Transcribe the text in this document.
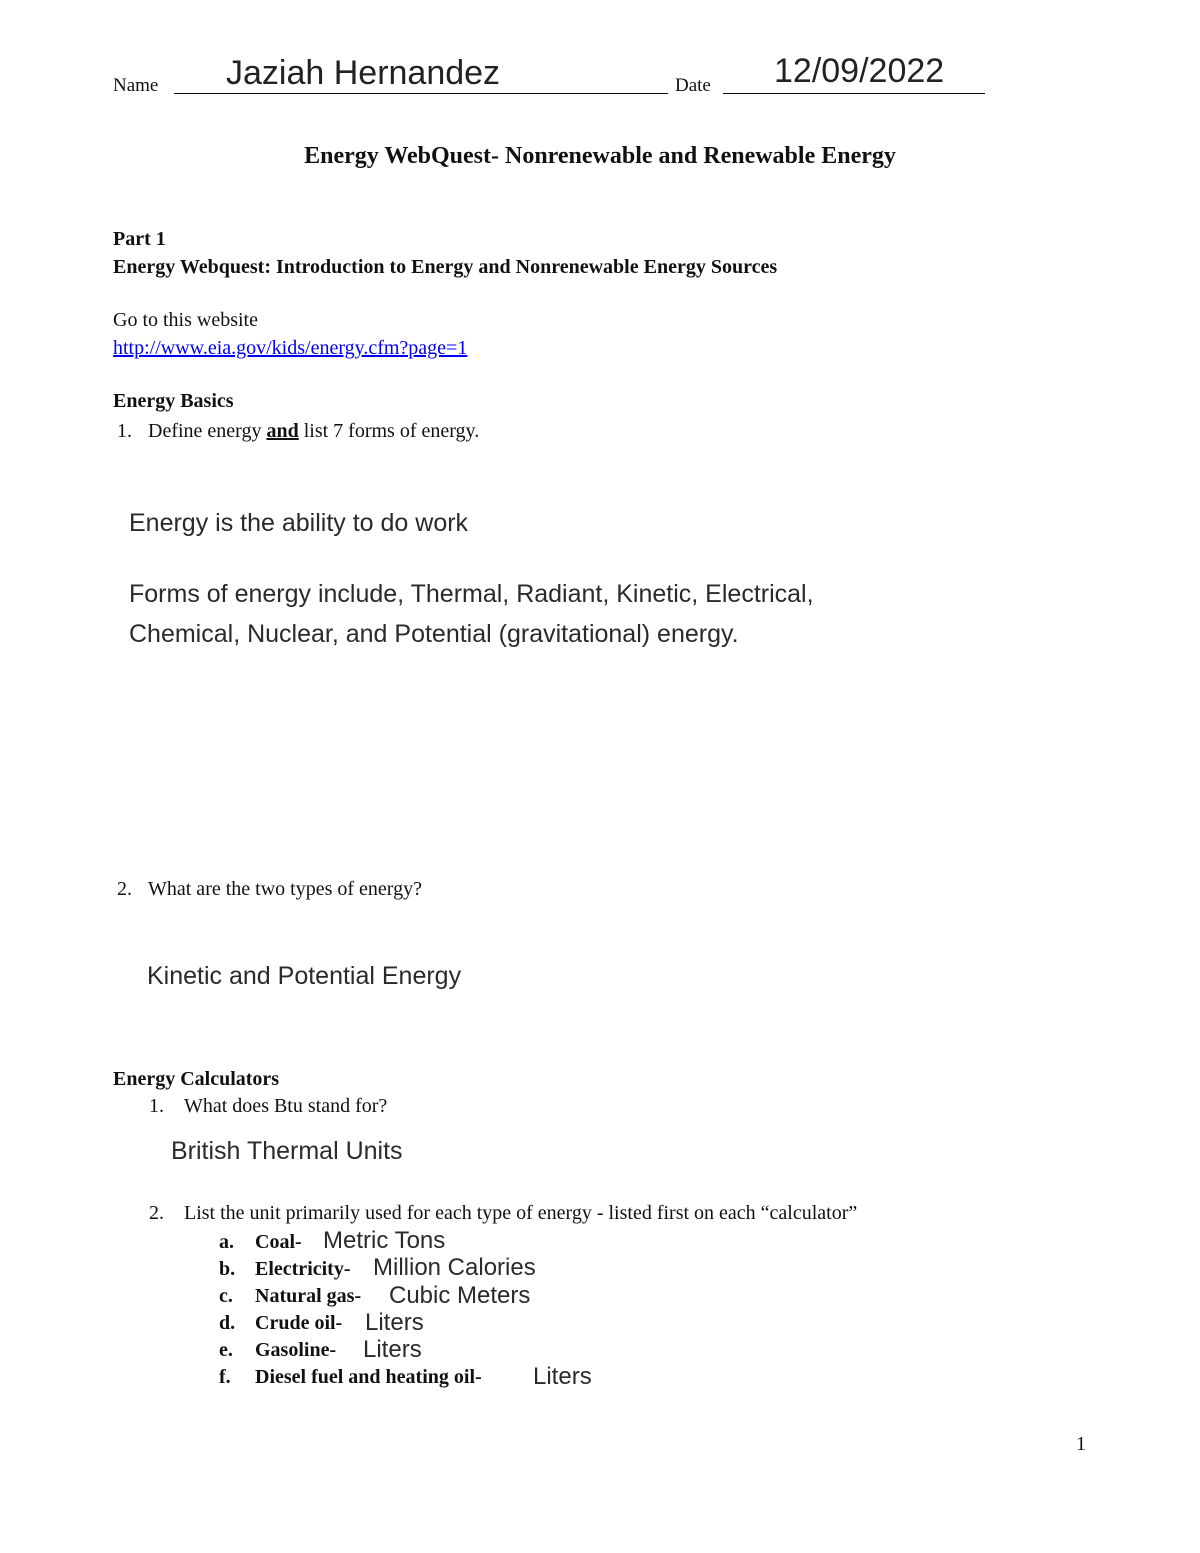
Name Jaziah Hernandez	Date 12/09/2022
Energy WebQuest- Nonrenewable and Renewable Energy
Part 1
Energy Webquest: Introduction to Energy and Nonrenewable Energy Sources
Go to this website
http://www.eia.gov/kids/energy.cfm?page=1
Energy Basics
1. Define energy and list 7 forms of energy.
Energy is the ability to do work
Forms of energy include, Thermal, Radiant, Kinetic, Electrical,
Chemical, Nuclear, and Potential (gravitational) energy.
2. What are the two types of energy?
Kinetic and Potential Energy
Energy Calculators
1. What does Btu stand for?
British Thermal Units
2. List the unit primarily used for each type of energy - listed first on each “calculator”
a. Coal- Metric Tons
b. Electricity- Million Calories
c. Natural gas- Cubic Meters
d. Crude oil- Liters
e. Gasoline- Liters
f. Diesel fuel and heating oil- Liters
1
